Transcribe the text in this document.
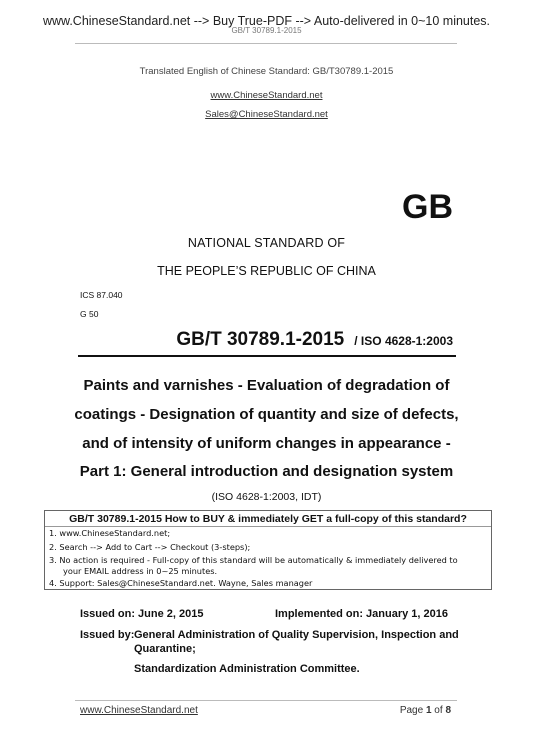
www.ChineseStandard.net --> Buy True-PDF --> Auto-delivered in 0~10 minutes.
GB/T 30789.1-2015
Translated English of Chinese Standard: GB/T30789.1-2015
www.ChineseStandard.net
Sales@ChineseStandard.net
GB
NATIONAL STANDARD OF
THE PEOPLE’S REPUBLIC OF CHINA
ICS 87.040
G 50
GB/T 30789.1-2015 / ISO 4628-1:2003
Paints and varnishes - Evaluation of degradation of
coatings - Designation of quantity and size of defects,
and of intensity of uniform changes in appearance -
Part 1: General introduction and designation system
(ISO 4628-1:2003, IDT)
GB/T 30789.1-2015 How to BUY & immediately GET a full-copy of this standard?
1. www.ChineseStandard.net;
2. Search --> Add to Cart --> Checkout (3-steps);
3. No action is required - Full-copy of this standard will be automatically & immediately delivered to
your EMAIL address in 0~25 minutes.
4. Support: Sales@ChineseStandard.net. Wayne, Sales manager
Issued on: June 2, 2015	Implemented on: January 1, 2016
Issued by: General Administration of Quality Supervision, Inspection and
Quarantine;
Standardization Administration Committee.
www.ChineseStandard.net	Page 1 of 8
